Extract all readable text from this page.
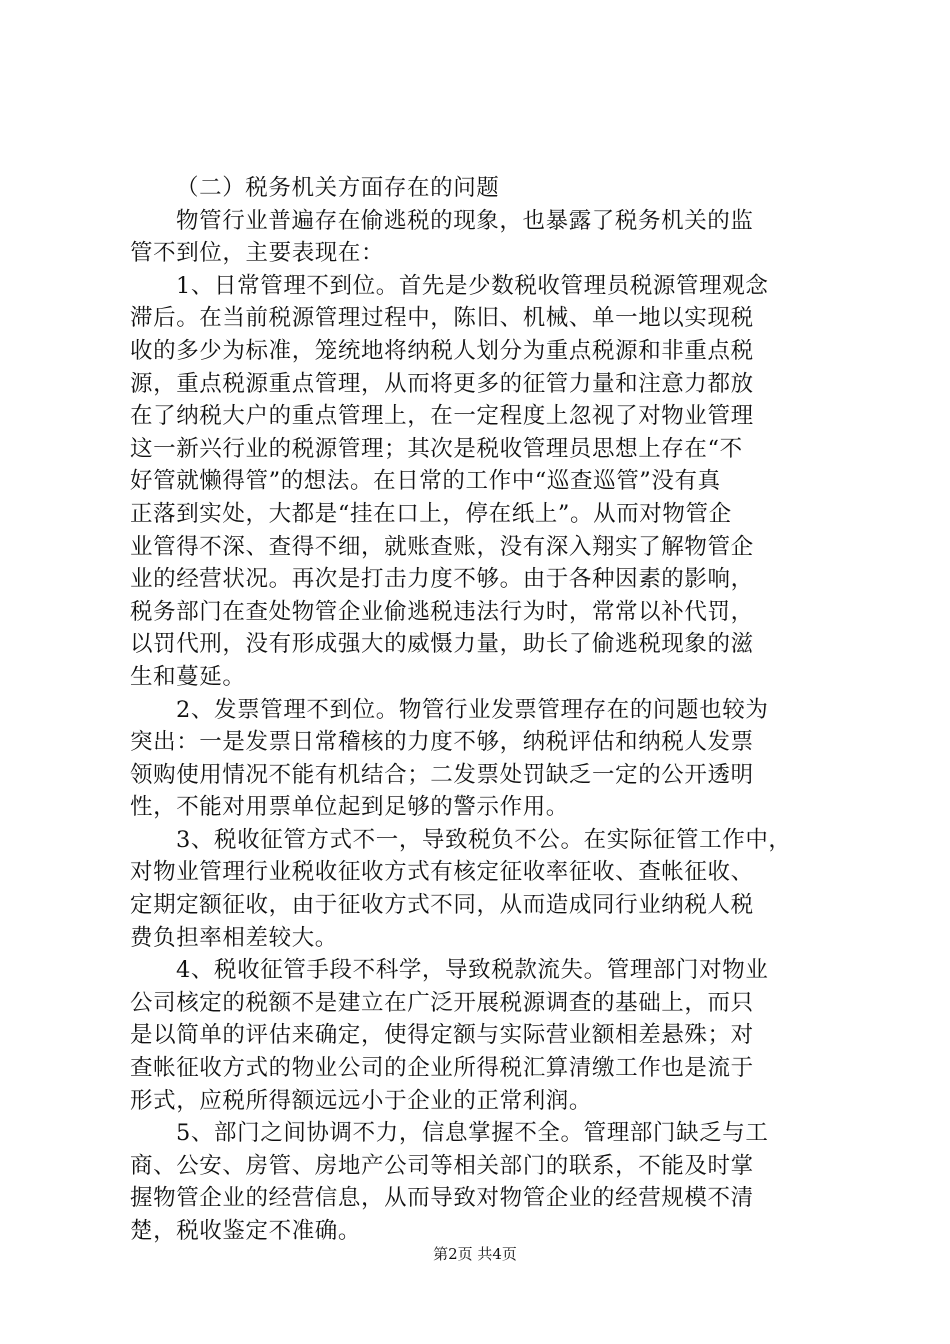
（二）税务机关方面存在的问题
物管行业普遍存在偷逃税的现象，也暴露了税务机关的监
管不到位，主要表现在：
1、日常管理不到位。首先是少数税收管理员税源管理观念
滞后。在当前税源管理过程中，陈旧、机械、单一地以实现税
收的多少为标准，笼统地将纳税人划分为重点税源和非重点税
源，重点税源重点管理，从而将更多的征管力量和注意力都放
在了纳税大户的重点管理上，在一定程度上忽视了对物业管理
这一新兴行业的税源管理；其次是税收管理员思想上存在“不
好管就懒得管”的想法。在日常的工作中“巡查巡管”没有真
正落到实处，大都是“挂在口上，停在纸上”。从而对物管企
业管得不深、查得不细，就账查账，没有深入翔实了解物管企
业的经营状况。再次是打击力度不够。由于各种因素的影响，
税务部门在查处物管企业偷逃税违法行为时，常常以补代罚，
以罚代刑，没有形成强大的威慑力量，助长了偷逃税现象的滋
生和蔓延。
2、发票管理不到位。物管行业发票管理存在的问题也较为
突出：一是发票日常稽核的力度不够，纳税评估和纳税人发票
领购使用情况不能有机结合；二发票处罚缺乏一定的公开透明
性，不能对用票单位起到足够的警示作用。
3、税收征管方式不一，导致税负不公。在实际征管工作中，
对物业管理行业税收征收方式有核定征收率征收、查帐征收、
定期定额征收，由于征收方式不同，从而造成同行业纳税人税
费负担率相差较大。
4、税收征管手段不科学，导致税款流失。管理部门对物业
公司核定的税额不是建立在广泛开展税源调查的基础上，而只
是以简单的评估来确定，使得定额与实际营业额相差悬殊；对
查帐征收方式的物业公司的企业所得税汇算清缴工作也是流于
形式，应税所得额远远小于企业的正常利润。
5、部门之间协调不力，信息掌握不全。管理部门缺乏与工
商、公安、房管、房地产公司等相关部门的联系，不能及时掌
握物管企业的经营信息，从而导致对物管企业的经营规模不清
楚，税收鉴定不准确。
第2页 共4页
